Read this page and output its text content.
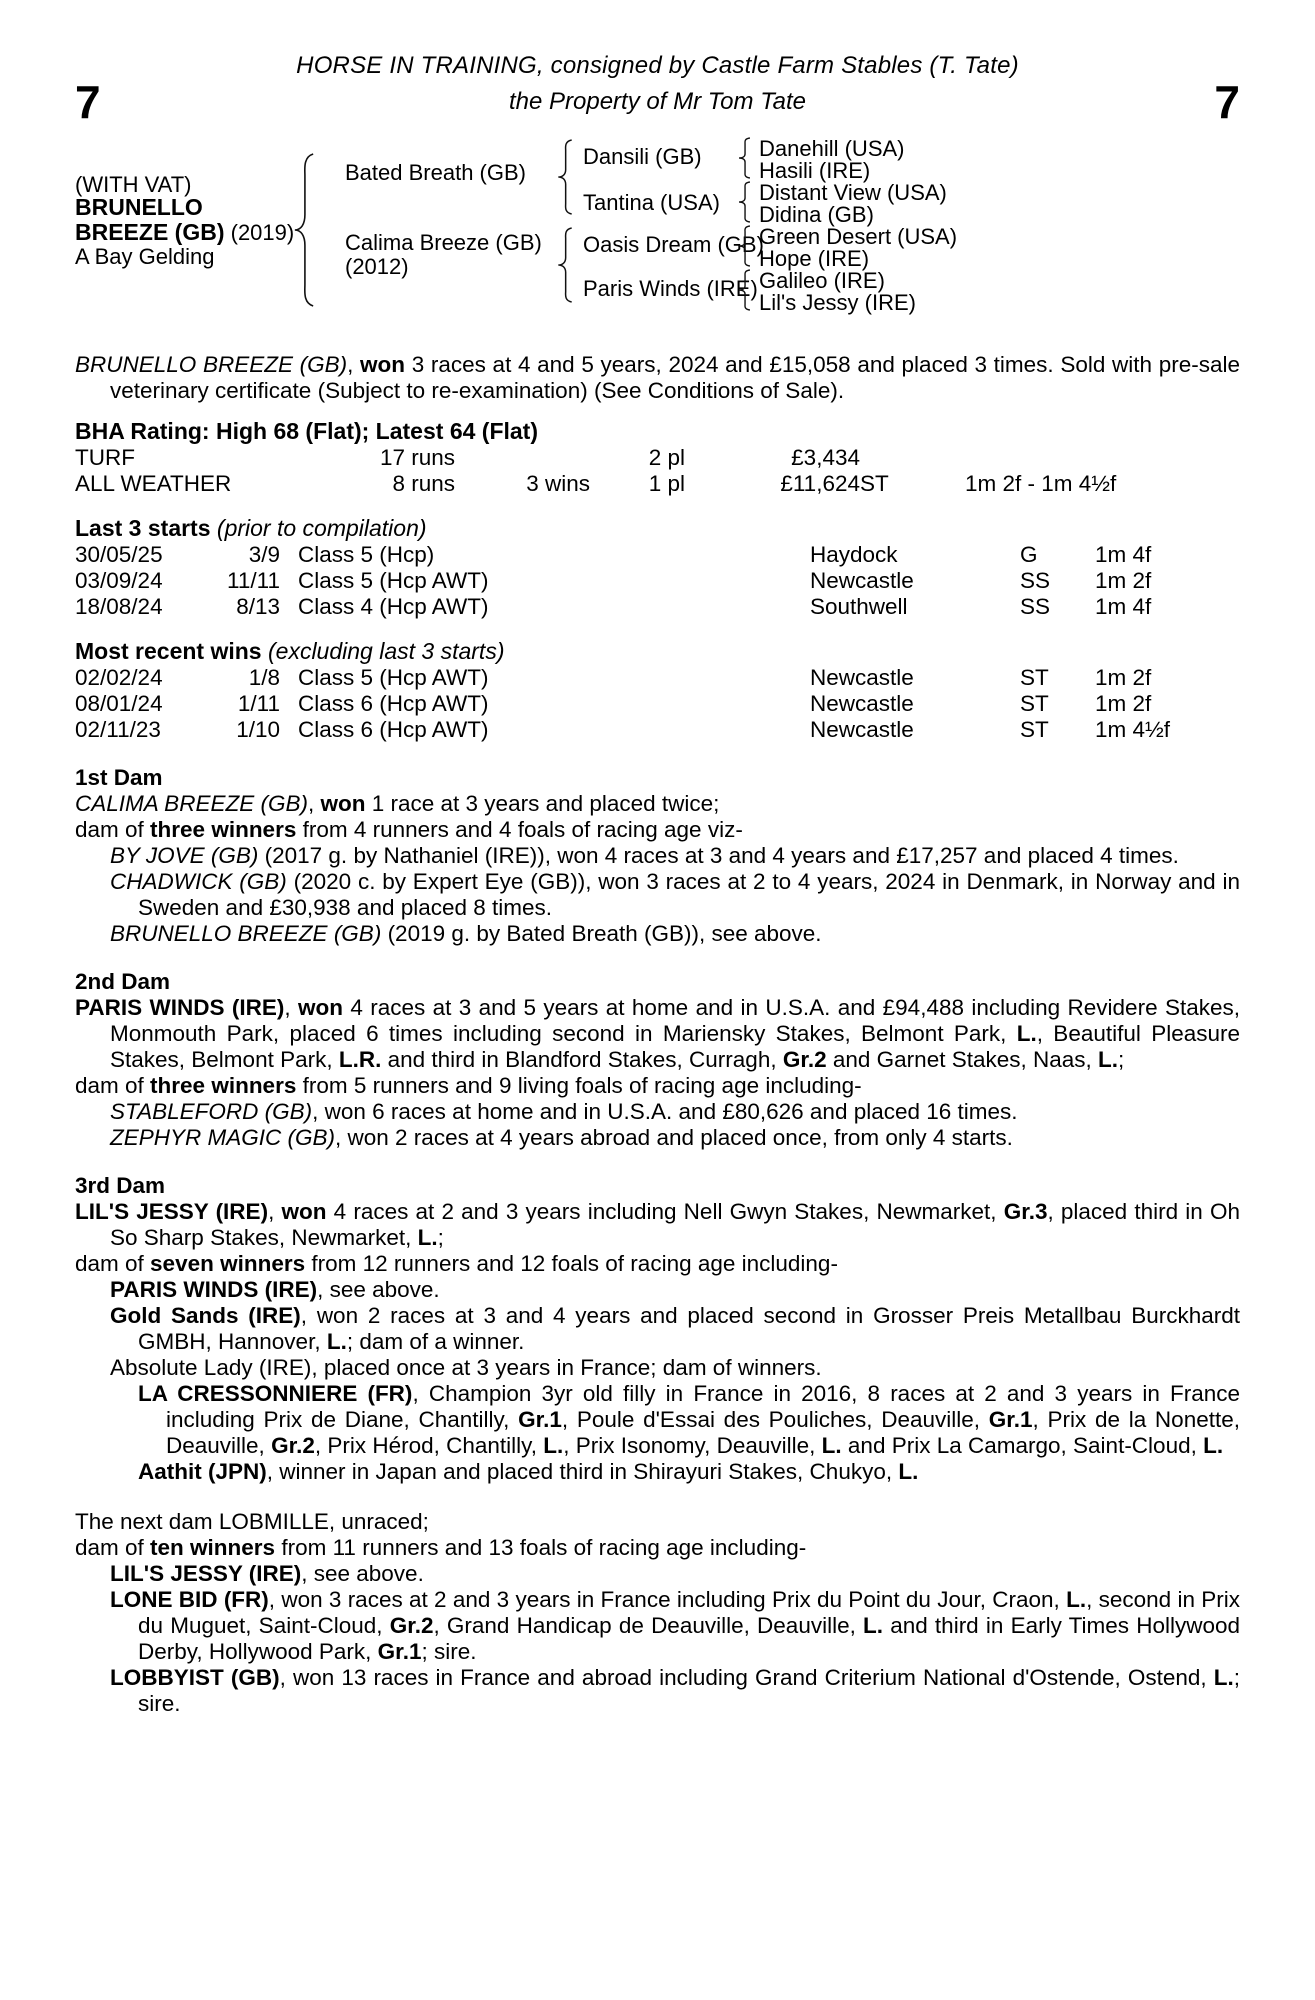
HORSE IN TRAINING, consigned by Castle Farm Stables (T. Tate)
7	the Property of Mr Tom Tate	7
(WITH VAT)
BRUNELLO
BREEZE (GB) (2019)
A Bay Gelding
Bated Breath (GB)
Calima Breeze (GB)
(2012)
Dansili (GB)
Tantina (USA)
Oasis Dream (GB)
Paris Winds (IRE)
Danehill (USA)
Hasili (IRE)
Distant View (USA)
Didina (GB)
Green Desert (USA)
Hope (IRE)
Galileo (IRE)
Lil's Jessy (IRE)

BRUNELLO BREEZE (GB), won 3 races at 4 and 5 years, 2024 and £15,058 and placed 3 times. Sold with pre-sale veterinary certificate (Subject to re-examination) (See Conditions of Sale).

BHA Rating: High 68 (Flat); Latest 64 (Flat)
TURF	17 runs	2 pl	£3,434
ALL WEATHER	8 runs	3 wins	1 pl	£11,624 ST	1m 2f - 1m 4½f
Last 3 starts (prior to compilation)
30/05/25	3/9 Class 5 (Hcp)	Haydock	G	1m 4f
03/09/24	11/11 Class 5 (Hcp AWT)	Newcastle	SS	1m 2f
18/08/24	8/13 Class 4 (Hcp AWT)	Southwell	SS	1m 4f
Most recent wins (excluding last 3 starts)
02/02/24	1/8 Class 5 (Hcp AWT)	Newcastle	ST	1m 2f
08/01/24	1/11 Class 6 (Hcp AWT)	Newcastle	ST	1m 2f
02/11/23	1/10 Class 6 (Hcp AWT)	Newcastle	ST	1m 4½f
1st Dam

CALIMA BREEZE (GB), won 1 race at 3 years and placed twice;

dam of three winners from 4 runners and 4 foals of racing age viz-

BY JOVE (GB) (2017 g. by Nathaniel (IRE)), won 4 races at 3 and 4 years and £17,257 and placed 4 times.

CHADWICK (GB) (2020 c. by Expert Eye (GB)), won 3 races at 2 to 4 years, 2024 in Denmark, in Norway and in Sweden and £30,938 and placed 8 times.

BRUNELLO BREEZE (GB) (2019 g. by Bated Breath (GB)), see above.

2nd Dam

PARIS WINDS (IRE), won 4 races at 3 and 5 years at home and in U.S.A. and £94,488 including Revidere Stakes, Monmouth Park, placed 6 times including second in Mariensky Stakes, Belmont Park, L., Beautiful Pleasure Stakes, Belmont Park, L.R. and third in Blandford Stakes, Curragh, Gr.2 and Garnet Stakes, Naas, L.;

dam of three winners from 5 runners and 9 living foals of racing age including-

STABLEFORD (GB), won 6 races at home and in U.S.A. and £80,626 and placed 16 times.

ZEPHYR MAGIC (GB), won 2 races at 4 years abroad and placed once, from only 4 starts.

3rd Dam

LIL'S JESSY (IRE), won 4 races at 2 and 3 years including Nell Gwyn Stakes, Newmarket, Gr.3, placed third in Oh So Sharp Stakes, Newmarket, L.;

dam of seven winners from 12 runners and 12 foals of racing age including-

PARIS WINDS (IRE), see above.

Gold Sands (IRE), won 2 races at 3 and 4 years and placed second in Grosser Preis Metallbau Burckhardt GMBH, Hannover, L.; dam of a winner.

Absolute Lady (IRE), placed once at 3 years in France; dam of winners.

LA CRESSONNIERE (FR), Champion 3yr old filly in France in 2016, 8 races at 2 and 3 years in France including Prix de Diane, Chantilly, Gr.1, Poule d'Essai des Pouliches, Deauville, Gr.1, Prix de la Nonette, Deauville, Gr.2, Prix Hérod, Chantilly, L., Prix Isonomy, Deauville, L. and Prix La Camargo, Saint-Cloud, L.

Aathit (JPN), winner in Japan and placed third in Shirayuri Stakes, Chukyo, L.

The next dam LOBMILLE, unraced;

dam of ten winners from 11 runners and 13 foals of racing age including-

LIL'S JESSY (IRE), see above.

LONE BID (FR), won 3 races at 2 and 3 years in France including Prix du Point du Jour, Craon, L., second in Prix du Muguet, Saint-Cloud, Gr.2, Grand Handicap de Deauville, Deauville, L. and third in Early Times Hollywood Derby, Hollywood Park, Gr.1; sire.

LOBBYIST (GB), won 13 races in France and abroad including Grand Criterium National d'Ostende, Ostend, L.; sire.
